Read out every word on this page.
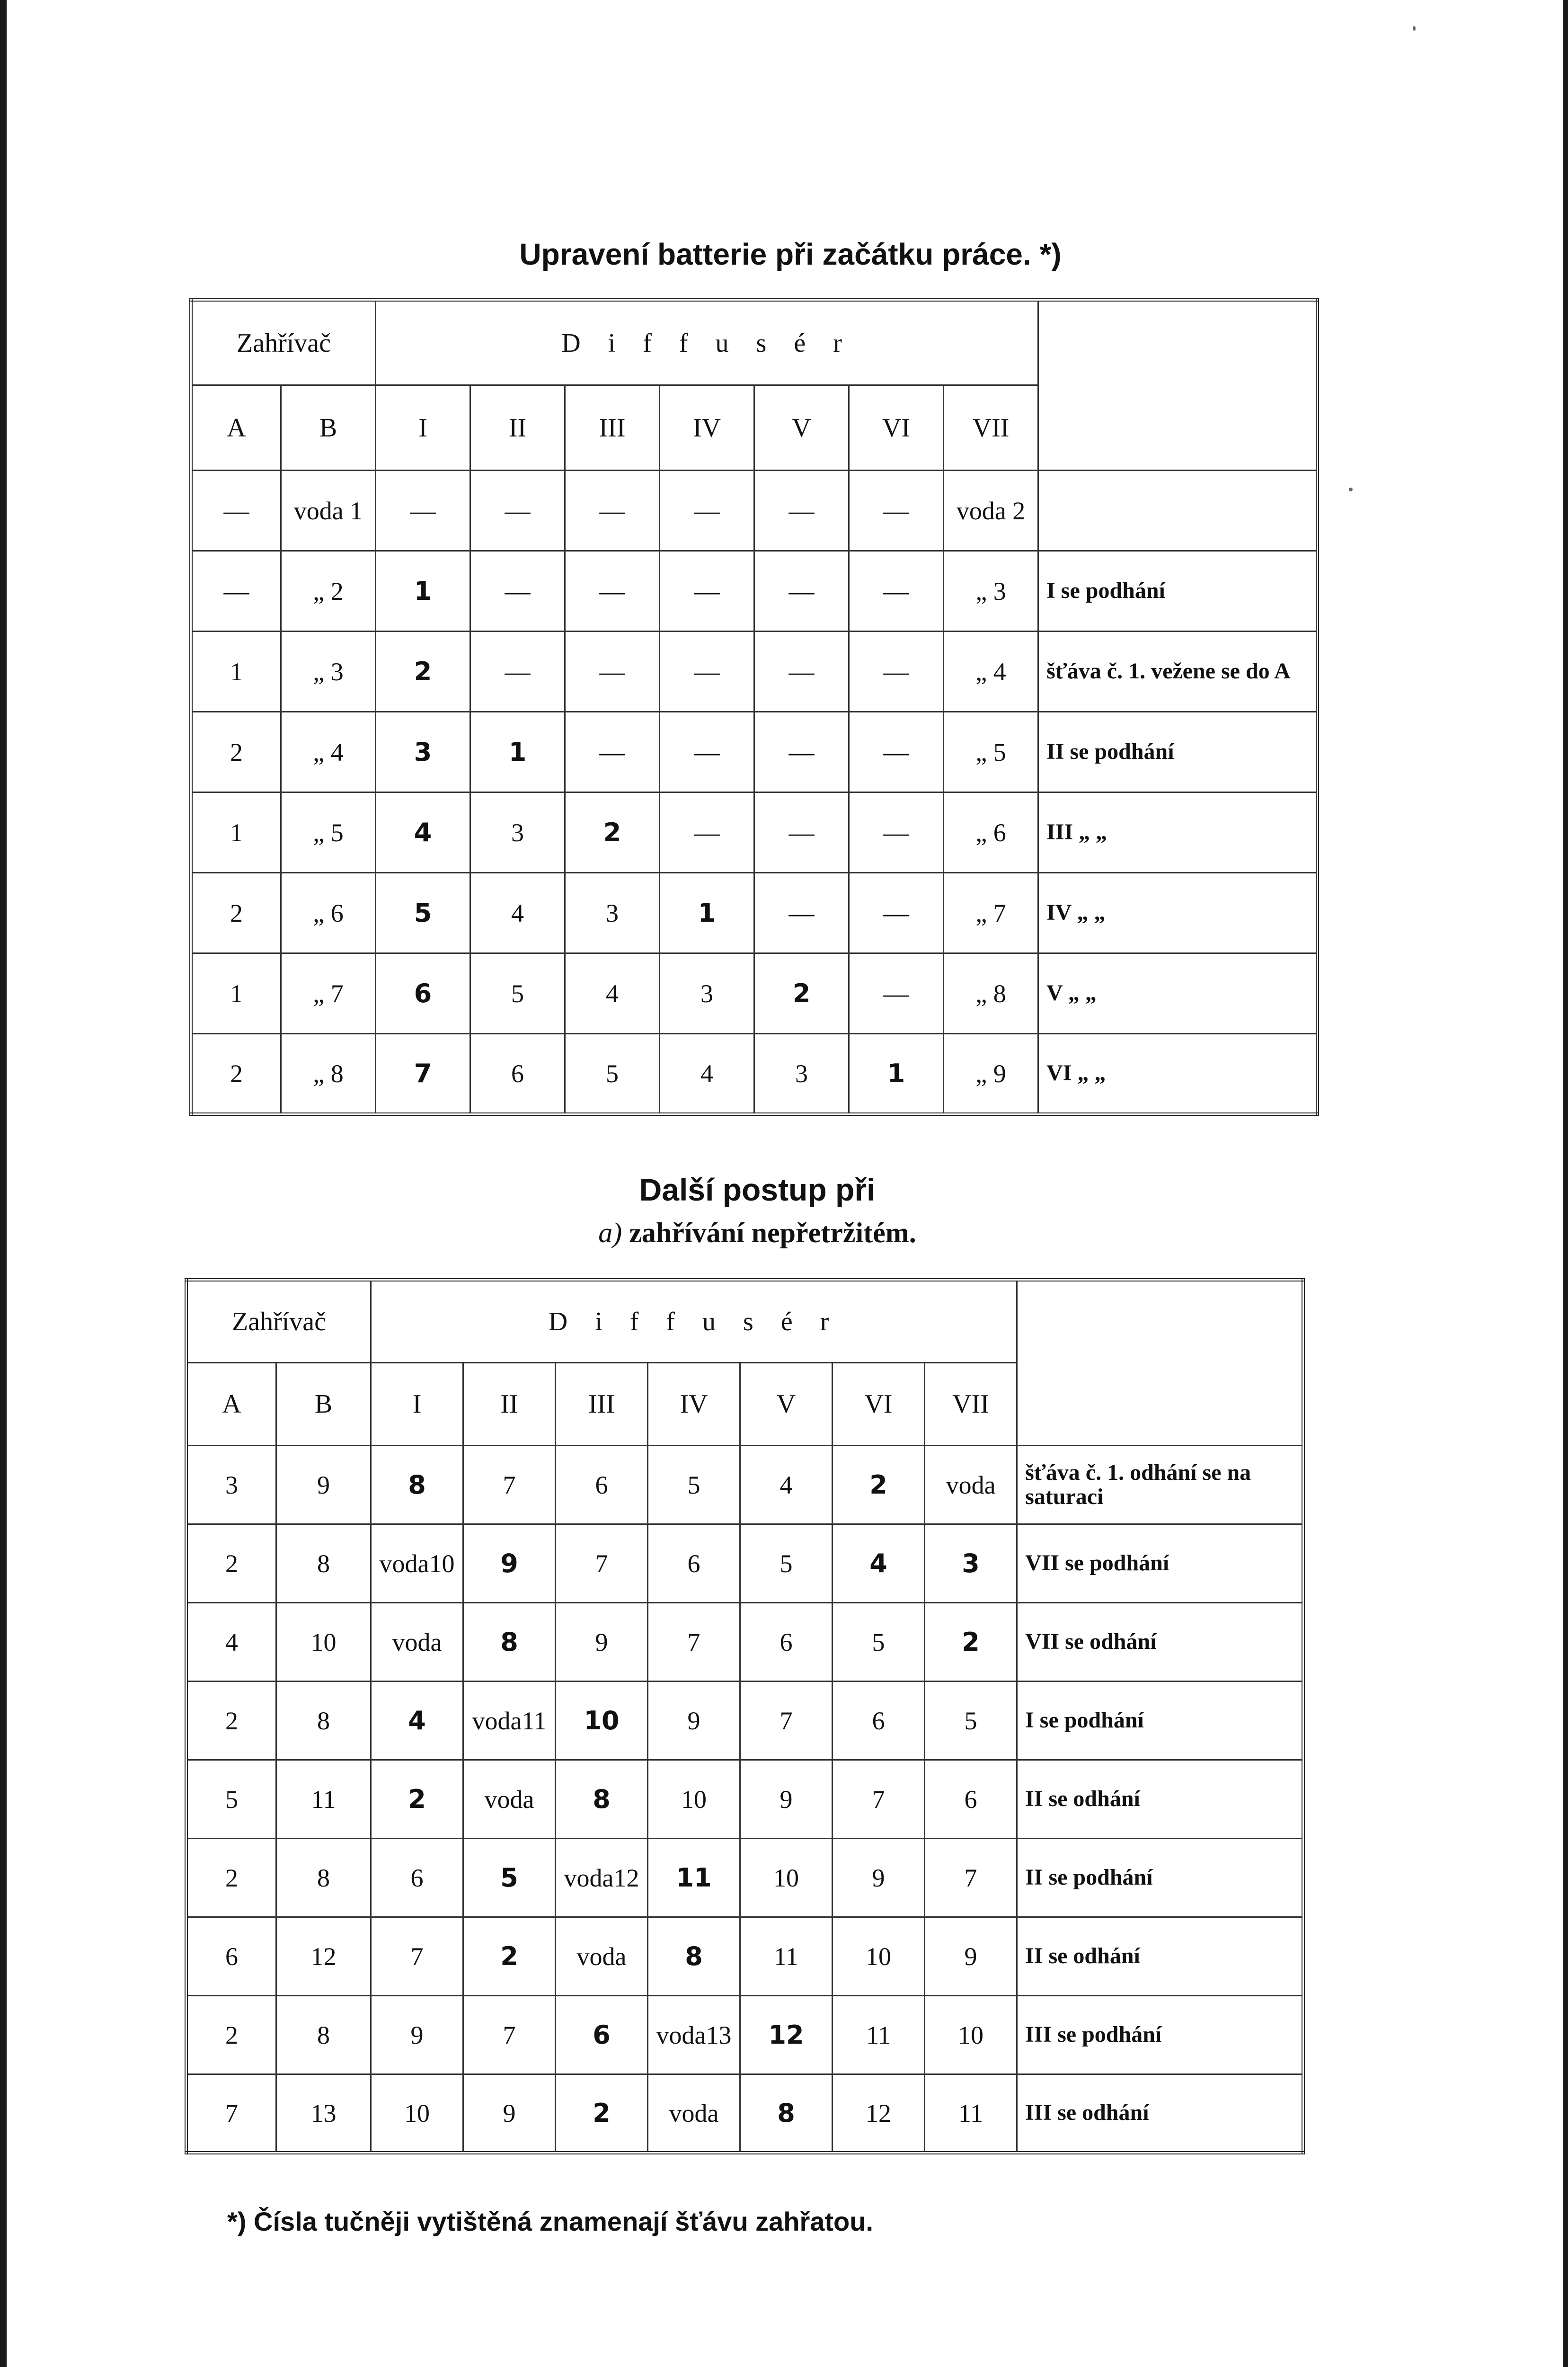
Upravení batterie při začátku práce. *)
Zahřívač		D i f f u s é r							
A	B	I	II	III	IV	V	VI	VII	
—	voda 1	—	—	—	—	—	—	voda 2	
—	„ 2	1	—	—	—	—	—	„ 3	I se podhání
1	„ 3	2	—	—	—	—	—	„ 4	šťáva č. 1. vežene se do A
2	„ 4	3	1	—	—	—	—	„ 5	II se podhání
1	„ 5	4	3	2	—	—	—	„ 6	III „ „
2	„ 6	5	4	3	1	—	—	„ 7	IV „ „
1	„ 7	6	5	4	3	2	—	„ 8	V „ „
2	„ 8	7	6	5	4	3	1	„ 9	VI „ „
Další postup při
a) zahřívání nepřetržitém.
Zahřívač		D i f f u s é r							
A	B	I	II	III	IV	V	VI	VII	
3	9	8	7	6	5	4	2	voda	šťáva č. 1. odhání se na saturaci
2	8	voda10	9	7	6	5	4	3	VII se podhání
4	10	voda	8	9	7	6	5	2	VII se odhání
2	8	4	voda11	10	9	7	6	5	I se podhání
5	11	2	voda	8	10	9	7	6	II se odhání
2	8	6	5	voda12	11	10	9	7	II se podhání
6	12	7	2	voda	8	11	10	9	II se odhání
2	8	9	7	6	voda13	12	11	10	III se podhání
7	13	10	9	2	voda	8	12	11	III se odhání
*) Čísla tučněji vytištěná znamenají šťávu zahřatou.
